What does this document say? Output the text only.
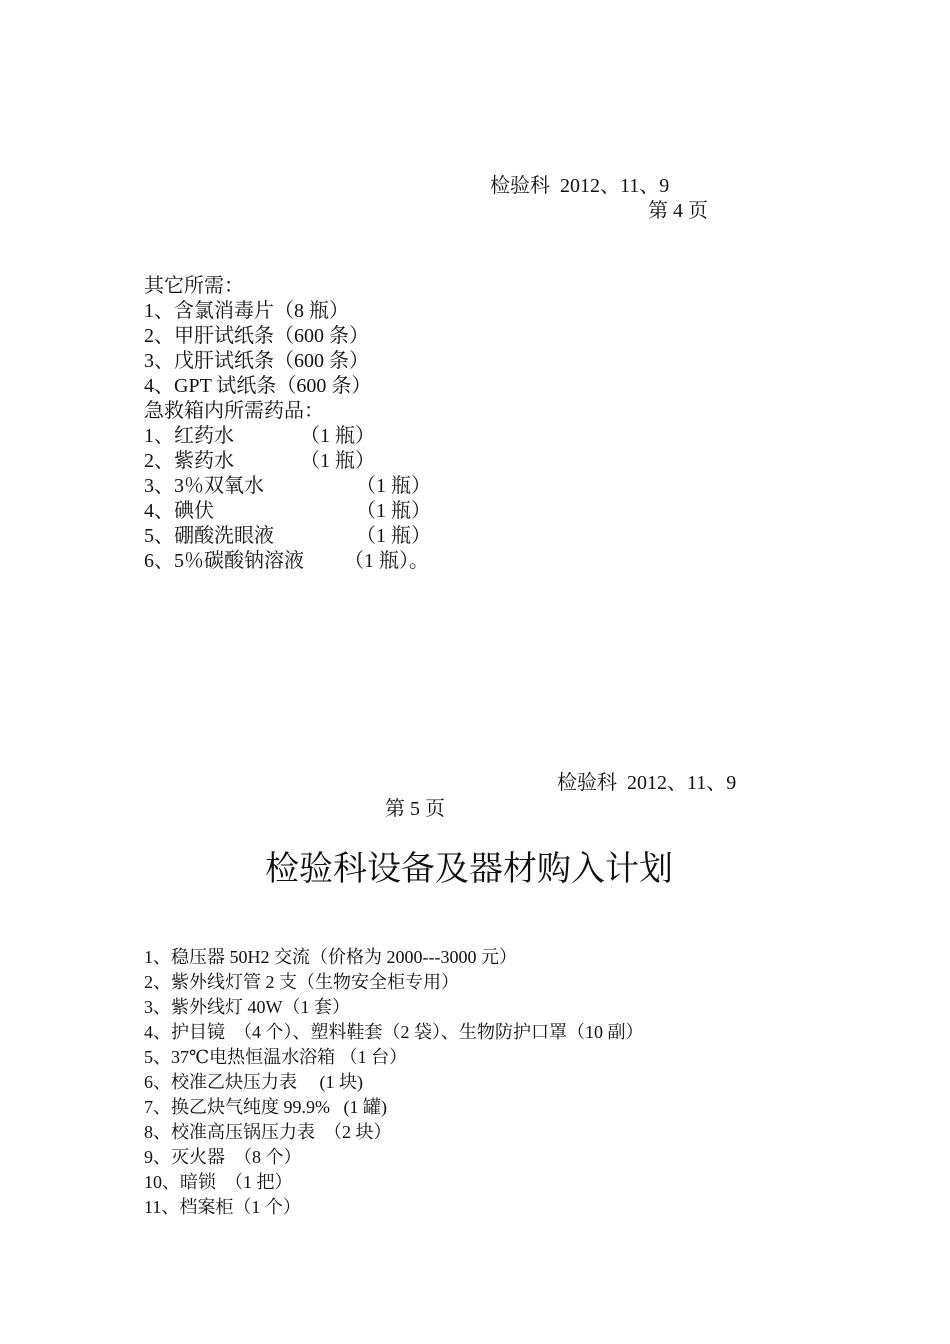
检验科  2012、11、9
第 4 页
其它所需：
1、含氯消毒片（8 瓶）
2、甲肝试纸条（600 条）
3、戊肝试纸条（600 条）
4、GPT 试纸条（600 条）
急救箱内所需药品：
1、红药水	（1 瓶）
2、紫药水	（1 瓶）
3、3％双氧水	（1 瓶）
4、碘伏	（1 瓶）
5、硼酸洗眼液	（1 瓶）
6、5％碳酸钠溶液 （1 瓶）。
检验科  2012、11、9
第 5 页
检验科设备及器材购入计划
1、稳压器 50H2 交流（价格为 2000---3000 元）
2、紫外线灯管 2 支（生物安全柜专用）
3、紫外线灯 40W（1 套）
4、护目镜  （4 个）、塑料鞋套（2 袋）、生物防护口罩（10 副）
5、37℃电热恒温水浴箱 （1 台）
6、校准乙炔压力表     (1 块)
7、换乙炔气纯度 99.9%   (1 罐)
8、校准高压锅压力表  （2 块）
9、灭火器  （8 个）
10、暗锁  （1 把）
11、档案柜（1 个）
